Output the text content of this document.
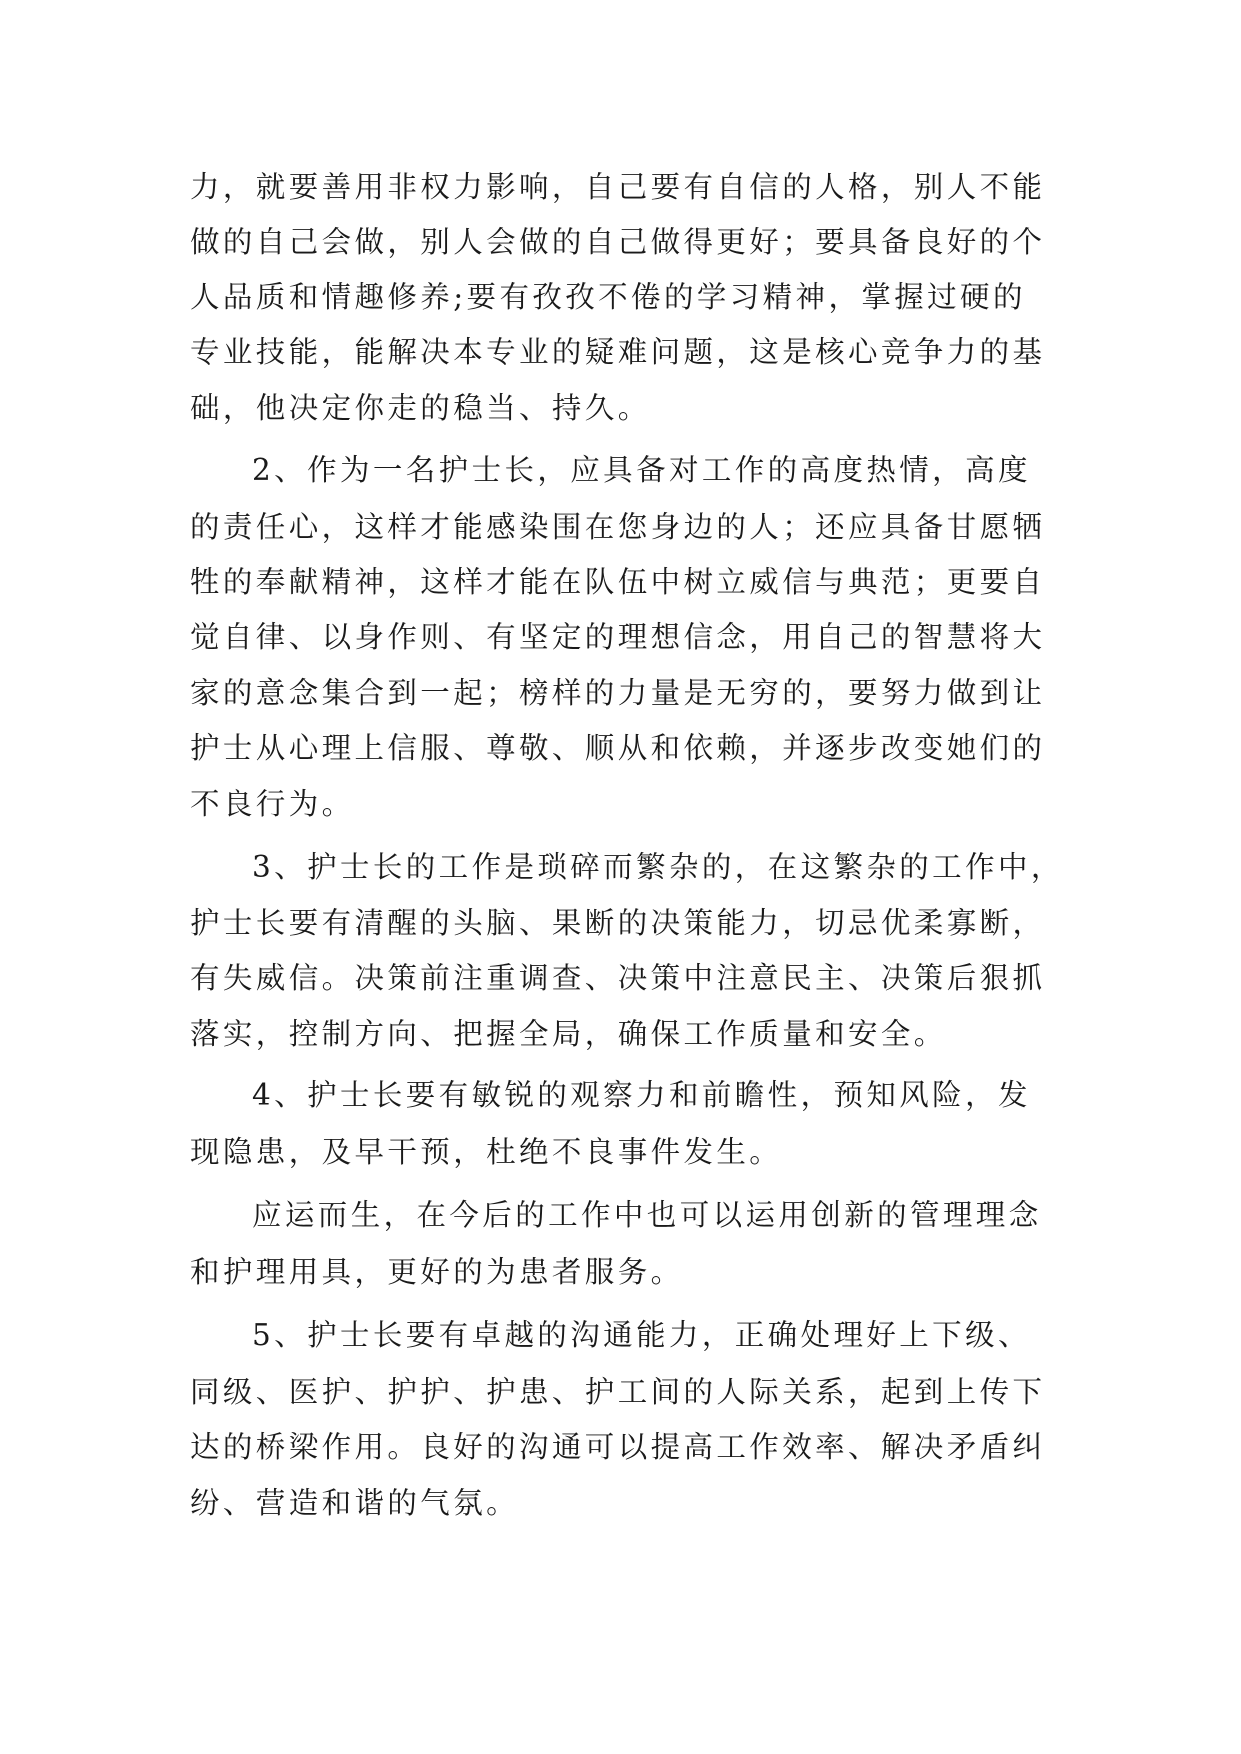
力，就要善用非权力影响，自己要有自信的人格，别人不能
做的自己会做，别人会做的自己做得更好；要具备良好的个
人品质和情趣修养;要有孜孜不倦的学习精神，掌握过硬的
专业技能，能解决本专业的疑难问题，这是核心竞争力的基
础，他决定你走的稳当、持久。
2、作为一名护士长，应具备对工作的高度热情，高度
的责任心，这样才能感染围在您身边的人；还应具备甘愿牺
牲的奉献精神，这样才能在队伍中树立威信与典范；更要自
觉自律、以身作则、有坚定的理想信念，用自己的智慧将大
家的意念集合到一起；榜样的力量是无穷的，要努力做到让
护士从心理上信服、尊敬、顺从和依赖，并逐步改变她们的
不良行为。
3、护士长的工作是琐碎而繁杂的，在这繁杂的工作中，
护士长要有清醒的头脑、果断的决策能力，切忌优柔寡断，
有失威信。决策前注重调查、决策中注意民主、决策后狠抓
落实，控制方向、把握全局，确保工作质量和安全。
4、护士长要有敏锐的观察力和前瞻性，预知风险，发
现隐患，及早干预，杜绝不良事件发生。
应运而生，在今后的工作中也可以运用创新的管理理念
和护理用具，更好的为患者服务。
5、护士长要有卓越的沟通能力，正确处理好上下级、
同级、医护、护护、护患、护工间的人际关系，起到上传下
达的桥梁作用。良好的沟通可以提高工作效率、解决矛盾纠
纷、营造和谐的气氛。
